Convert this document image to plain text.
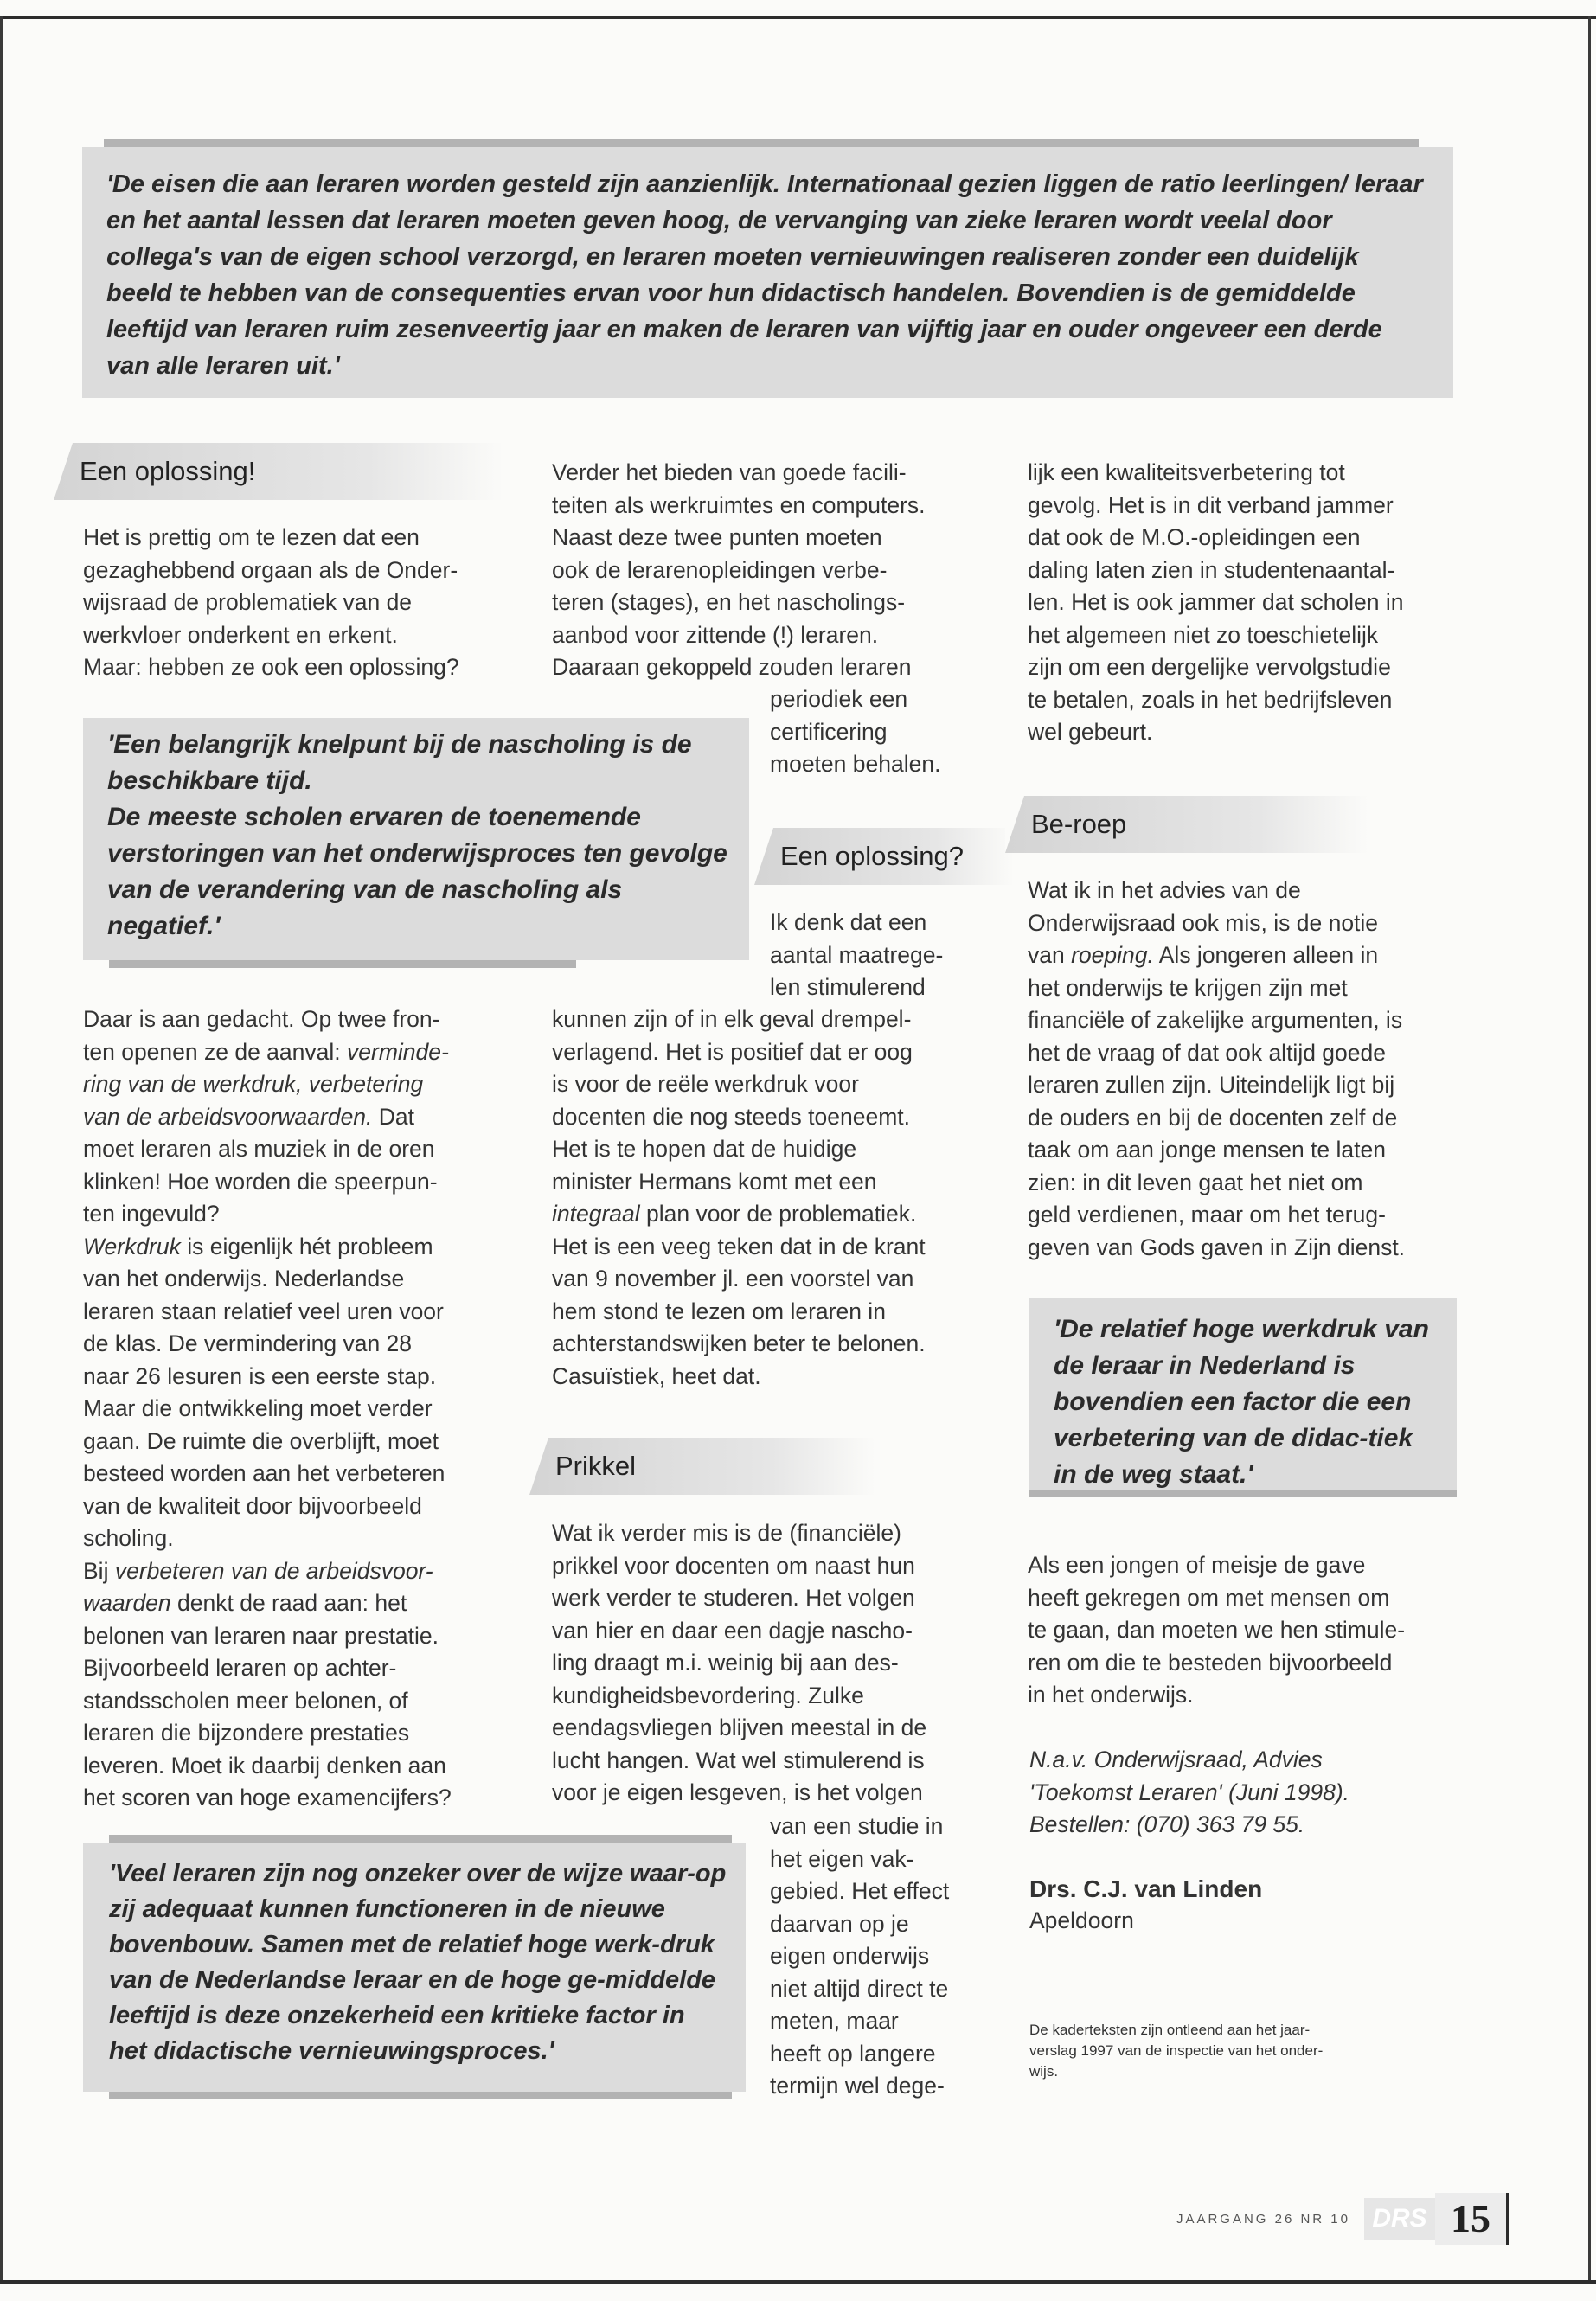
'De eisen die aan leraren worden gesteld zijn aanzienlijk. Internationaal gezien liggen de ratio leerlingen/ leraar en het aantal lessen dat leraren moeten geven hoog, de vervanging van zieke leraren wordt veelal door collega's van de eigen school verzorgd, en leraren moeten vernieuwingen realiseren zonder een duidelijk beeld te hebben van de consequenties ervan voor hun didactisch handelen. Bovendien is de gemiddelde leeftijd van leraren ruim zesenveertig jaar en maken de leraren van vijftig jaar en ouder ongeveer een derde van alle leraren uit.'
Een oplossing!
Het is prettig om te lezen dat een
gezaghebbend orgaan als de Onder-
wijsraad de problematiek van de
werkvloer onderkent en erkent.
Maar: hebben ze ook een oplossing?
'Een belangrijk knelpunt bij de nascholing is de beschikbare tijd.
De meeste scholen ervaren de toenemende verstoringen van het onderwijsproces ten gevolge van de verandering van de nascholing als negatief.'
Daar is aan gedacht. Op twee fron-
ten openen ze de aanval: verminde-
ring van de werkdruk, verbetering
van de arbeidsvoorwaarden. Dat
moet leraren als muziek in de oren
klinken! Hoe worden die speerpun-
ten ingevuld?
Werkdruk is eigenlijk hét probleem
van het onderwijs. Nederlandse
leraren staan relatief veel uren voor
de klas. De vermindering van 28
naar 26 lesuren is een eerste stap.
Maar die ontwikkeling moet verder
gaan. De ruimte die overblijft, moet
besteed worden aan het verbeteren
van de kwaliteit door bijvoorbeeld
scholing.
Bij verbeteren van de arbeidsvoor-
waarden denkt de raad aan: het
belonen van leraren naar prestatie.
Bijvoorbeeld leraren op achter-
standsscholen meer belonen, of
leraren die bijzondere prestaties
leveren. Moet ik daarbij denken aan
het scoren van hoge examencijfers?
'Veel leraren zijn nog onzeker over de wijze waar-op zij adequaat kunnen functioneren in de nieuwe bovenbouw. Samen met de relatief hoge werk-druk van de Nederlandse leraar en de hoge ge-middelde leeftijd is deze onzekerheid een kritieke factor in het didactische vernieuwingsproces.'
Verder het bieden van goede facili-
teiten als werkruimtes en computers.
Naast deze twee punten moeten
ook de lerarenopleidingen verbe-
teren (stages), en het nascholings-
aanbod voor zittende (!) leraren.
Daaraan gekoppeld zouden leraren
periodiek een
certificering
moeten behalen.
Een oplossing?
Ik denk dat een
aantal maatrege-
len stimulerend
kunnen zijn of in elk geval drempel-
verlagend. Het is positief dat er oog
is voor de reële werkdruk voor
docenten die nog steeds toeneemt.
Het is te hopen dat de huidige
minister Hermans komt met een
integraal plan voor de problematiek.
Het is een veeg teken dat in de krant
van 9 november jl. een voorstel van
hem stond te lezen om leraren in
achterstandswijken beter te belonen.
Casuïstiek, heet dat.
Prikkel
Wat ik verder mis is de (financiële)
prikkel voor docenten om naast hun
werk verder te studeren. Het volgen
van hier en daar een dagje nascho-
ling draagt m.i. weinig bij aan des-
kundigheidsbevordering. Zulke
eendagsvliegen blijven meestal in de
lucht hangen. Wat wel stimulerend is
voor je eigen lesgeven, is het volgen
van een studie in
het eigen vak-
gebied. Het effect
daarvan op je
eigen onderwijs
niet altijd direct te
meten, maar
heeft op langere
termijn wel dege-
lijk een kwaliteitsverbetering tot
gevolg. Het is in dit verband jammer
dat ook de M.O.-opleidingen een
daling laten zien in studentenaantal-
len. Het is ook jammer dat scholen in
het algemeen niet zo toeschietelijk
zijn om een dergelijke vervolgstudie
te betalen, zoals in het bedrijfsleven
wel gebeurt.
Be-roep
Wat ik in het advies van de
Onderwijsraad ook mis, is de notie
van roeping. Als jongeren alleen in
het onderwijs te krijgen zijn met
financiële of zakelijke argumenten, is
het de vraag of dat ook altijd goede
leraren zullen zijn. Uiteindelijk ligt bij
de ouders en bij de docenten zelf de
taak om aan jonge mensen te laten
zien: in dit leven gaat het niet om
geld verdienen, maar om het terug-
geven van Gods gaven in Zijn dienst.
'De relatief hoge werkdruk van de leraar in Nederland is bovendien een factor die een verbetering van de didac-tiek in de weg staat.'
Als een jongen of meisje de gave
heeft gekregen om met mensen om
te gaan, dan moeten we hen stimule-
ren om die te besteden bijvoorbeeld
in het onderwijs.
N.a.v. Onderwijsraad, Advies
'Toekomst Leraren' (Juni 1998).
Bestellen: (070) 363 79 55.
Drs. C.J. van Linden
Apeldoorn
De kaderteksten zijn ontleend aan het jaar-
verslag 1997 van de inspectie van het onder-
wijs.
JAARGANG 26 NR 10 DRS 15
